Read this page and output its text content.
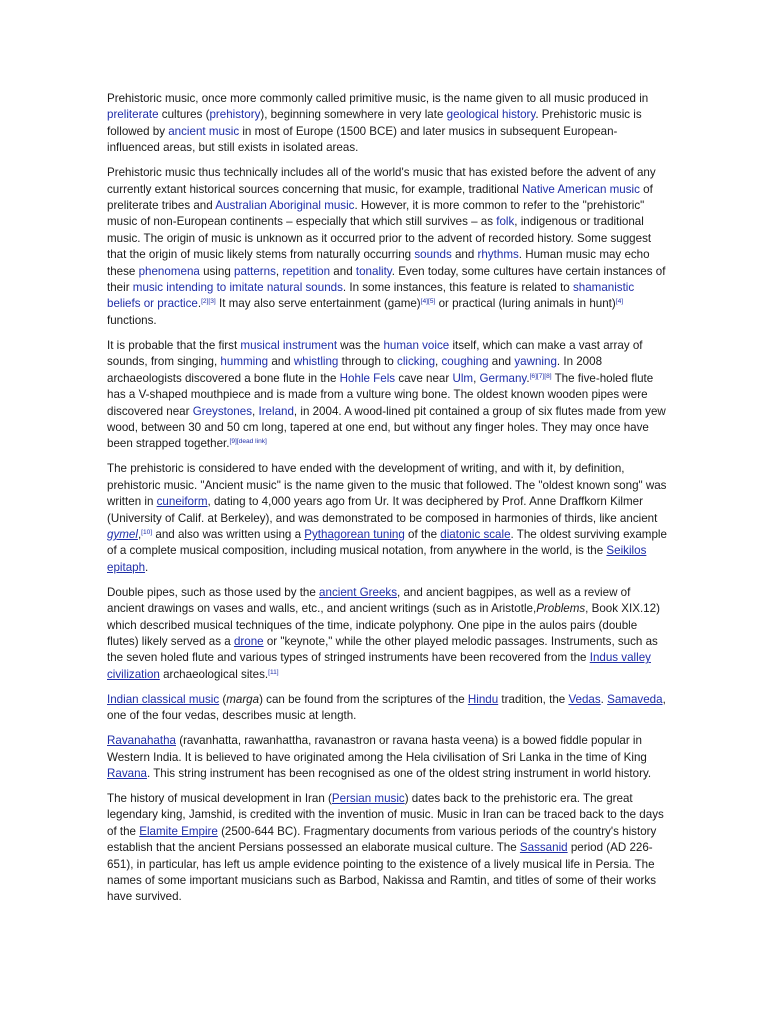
Prehistoric music, once more commonly called primitive music, is the name given to all music produced in preliterate cultures (prehistory), beginning somewhere in very late geological history. Prehistoric music is followed by ancient music in most of Europe (1500 BCE) and later musics in subsequent European-influenced areas, but still exists in isolated areas.

Prehistoric music thus technically includes all of the world's music that has existed before the advent of any currently extant historical sources concerning that music, for example, traditional Native American music of preliterate tribes and Australian Aboriginal music. However, it is more common to refer to the "prehistoric" music of non-European continents – especially that which still survives – as folk, indigenous or traditional music. The origin of music is unknown as it occurred prior to the advent of recorded history. Some suggest that the origin of music likely stems from naturally occurring sounds and rhythms. Human music may echo these phenomena using patterns, repetition and tonality. Even today, some cultures have certain instances of their music intending to imitate natural sounds. In some instances, this feature is related to shamanistic beliefs or practice.[2][3] It may also serve entertainment (game)[4][5] or practical (luring animals in hunt)[4] functions.

It is probable that the first musical instrument was the human voice itself, which can make a vast array of sounds, from singing, humming and whistling through to clicking, coughing and yawning. In 2008 archaeologists discovered a bone flute in the Hohle Fels cave near Ulm, Germany.[6][7][8] The five-holed flute has a V-shaped mouthpiece and is made from a vulture wing bone. The oldest known wooden pipes were discovered near Greystones, Ireland, in 2004. A wood-lined pit contained a group of six flutes made from yew wood, between 30 and 50 cm long, tapered at one end, but without any finger holes. They may once have been strapped together.[9][dead link]

The prehistoric is considered to have ended with the development of writing, and with it, by definition, prehistoric music. "Ancient music" is the name given to the music that followed. The "oldest known song" was written in cuneiform, dating to 4,000 years ago from Ur. It was deciphered by Prof. Anne Draffkorn Kilmer (University of Calif. at Berkeley), and was demonstrated to be composed in harmonies of thirds, like ancient gymel,[10] and also was written using a Pythagorean tuning of the diatonic scale. The oldest surviving example of a complete musical composition, including musical notation, from anywhere in the world, is the Seikilos epitaph.

Double pipes, such as those used by the ancient Greeks, and ancient bagpipes, as well as a review of ancient drawings on vases and walls, etc., and ancient writings (such as in Aristotle,Problems, Book XIX.12) which described musical techniques of the time, indicate polyphony. One pipe in the aulos pairs (double flutes) likely served as a drone or "keynote," while the other played melodic passages. Instruments, such as the seven holed flute and various types of stringed instruments have been recovered from the Indus valley civilization archaeological sites.[11]

Indian classical music (marga) can be found from the scriptures of the Hindu tradition, the Vedas. Samaveda, one of the four vedas, describes music at length.

Ravanahatha (ravanhatta, rawanhattha, ravanastron or ravana hasta veena) is a bowed fiddle popular in Western India. It is believed to have originated among the Hela civilisation of Sri Lanka in the time of King Ravana. This string instrument has been recognised as one of the oldest string instrument in world history.

The history of musical development in Iran (Persian music) dates back to the prehistoric era. The great legendary king, Jamshid, is credited with the invention of music. Music in Iran can be traced back to the days of the Elamite Empire (2500-644 BC). Fragmentary documents from various periods of the country's history establish that the ancient Persians possessed an elaborate musical culture. The Sassanid period (AD 226-651), in particular, has left us ample evidence pointing to the existence of a lively musical life in Persia. The names of some important musicians such as Barbod, Nakissa and Ramtin, and titles of some of their works have survived.
